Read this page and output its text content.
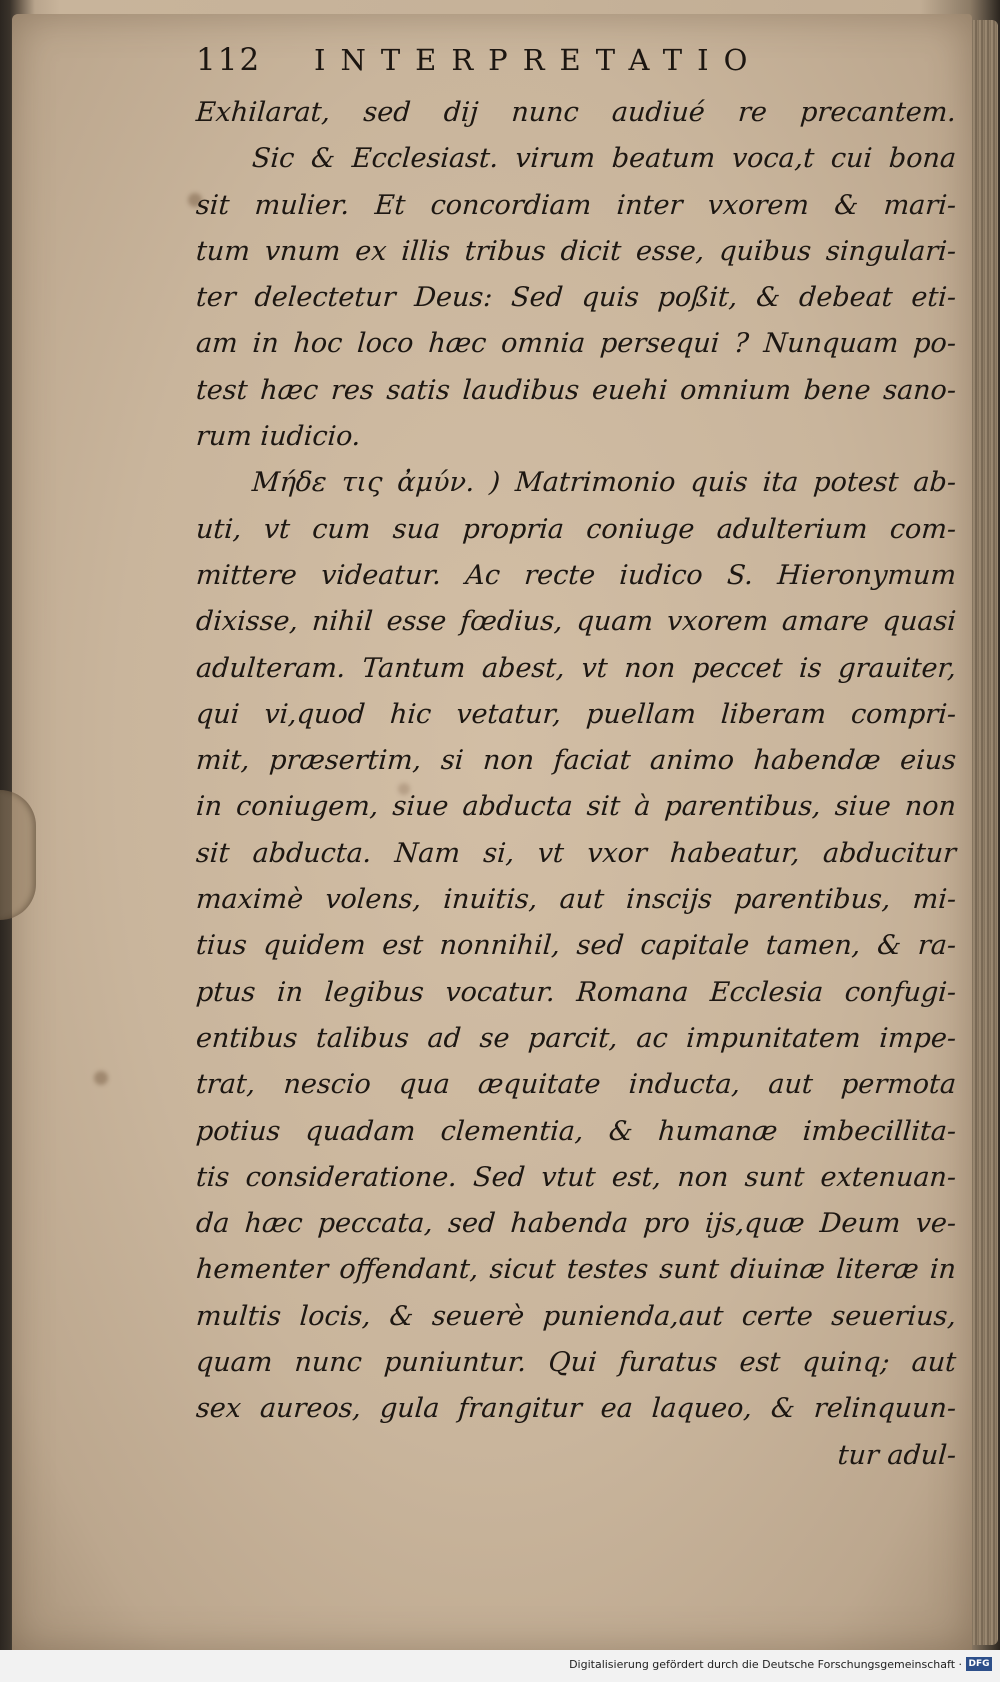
112 INTERPRETATIO
Exhilarat, sed dij nunc audiué re precantem.
Sic & Ecclesiast. virum beatum voca,t cui bona
sit mulier. Et concordiam inter vxorem & mari-
tum vnum ex illis tribus dicit esse, quibus singulari-
ter delectetur Deus: Sed quis poßit, & debeat eti-
am in hoc loco hæc omnia persequi ? Nunquam po-
test hæc res satis laudibus euehi omnium bene sano-
rum iudicio.
Μήδε τις ἀμύν. ) Matrimonio quis ita potest ab-
uti, vt cum sua propria coniuge adulterium com-
mittere videatur. Ac recte iudico S. Hieronymum
dixisse, nihil esse fœdius, quam vxorem amare quasi
adulteram. Tantum abest, vt non peccet is grauiter,
qui vi,quod hic vetatur, puellam liberam compri-
mit, præsertim, si non faciat animo habendæ eius
in coniugem, siue abducta sit à parentibus, siue non
sit abducta. Nam si, vt vxor habeatur, abducitur
maximè volens, inuitis, aut inscijs parentibus, mi-
tius quidem est nonnihil, sed capitale tamen, & ra-
ptus in legibus vocatur. Romana Ecclesia confugi-
entibus talibus ad se parcit, ac impunitatem impe-
trat, nescio qua æquitate inducta, aut permota
potius quadam clementia, & humanæ imbecillita-
tis consideratione. Sed vtut est, non sunt extenuan-
da hæc peccata, sed habenda pro ijs,quæ Deum ve-
hementer offendant, sicut testes sunt diuinæ literæ in
multis locis, & seuerè puniendа,aut certe seuerius,
quam nunc puniuntur. Qui furatus est quinq; aut
sex aureos, gula frangitur ea laqueo, & relinquun-
tur adul-
Digitalisierung gefördert durch die Deutsche Forschungsgemeinschaft · DFG
